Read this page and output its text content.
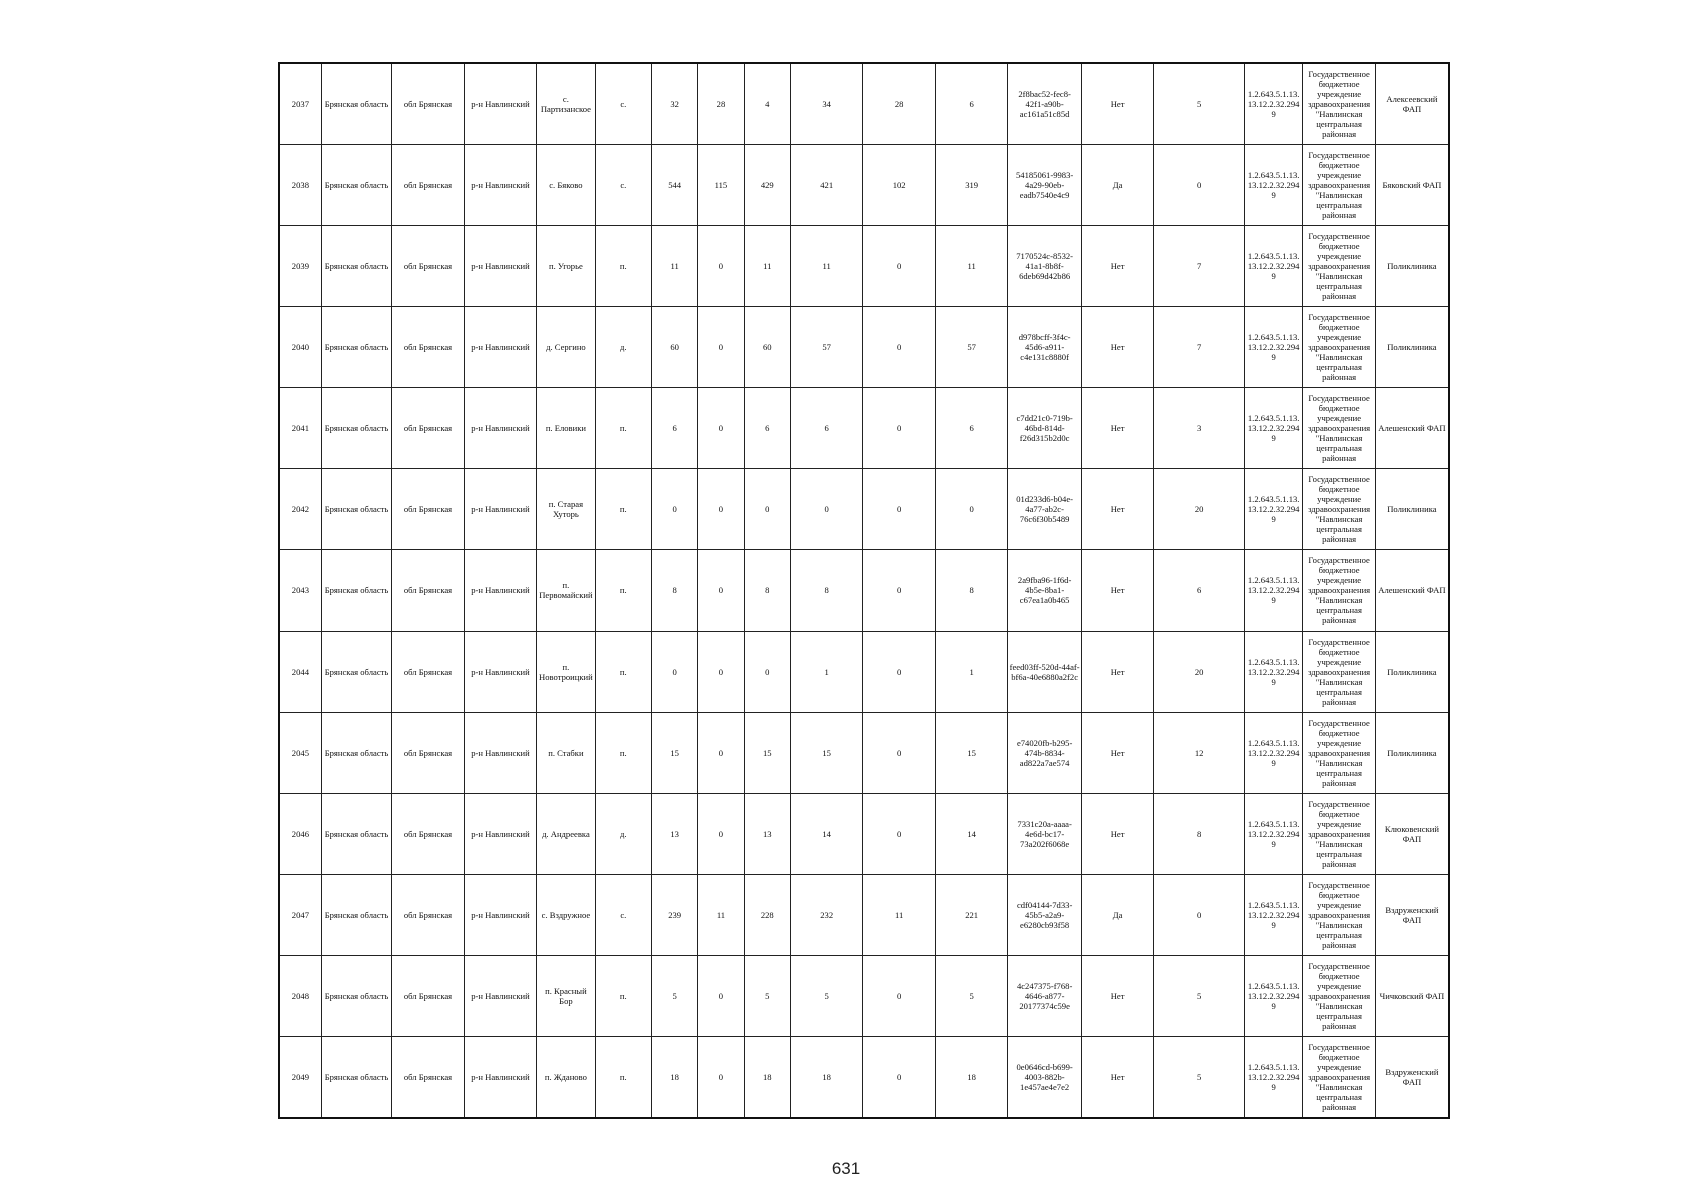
2037	Брянская область	обл Брянская	р-н Навлинский	с. Партизанское	с.	32	28	4	34	28	6	2f8bac52-fec8-42f1-a90b-ac161a51c85d	Нет	5	1.2.643.5.1.13.13.12.2.32.2949	Государственное бюджетное учреждение здравоохранения "Навлинская центральная районная	Алексеевский ФАП
2038	Брянская область	обл Брянская	р-н Навлинский	с. Бяково	с.	544	115	429	421	102	319	54185061-9983-4a29-90eb-eadb7540e4c9	Да	0	1.2.643.5.1.13.13.12.2.32.2949	Государственное бюджетное учреждение здравоохранения "Навлинская центральная районная	Бяковский ФАП
2039	Брянская область	обл Брянская	р-н Навлинский	п. Угорье	п.	11	0	11	11	0	11	7170524c-8532-41a1-8b8f-6deb69d42b86	Нет	7	1.2.643.5.1.13.13.12.2.32.2949	Государственное бюджетное учреждение здравоохранения "Навлинская центральная районная	Поликлиника
2040	Брянская область	обл Брянская	р-н Навлинский	д. Сергино	д.	60	0	60	57	0	57	d978bcff-3f4c-45d6-a911-c4e131c8880f	Нет	7	1.2.643.5.1.13.13.12.2.32.2949	Государственное бюджетное учреждение здравоохранения "Навлинская центральная районная	Поликлиника
2041	Брянская область	обл Брянская	р-н Навлинский	п. Еловики	п.	6	0	6	6	0	6	c7dd21c0-719b-46bd-814d-f26d315b2d0c	Нет	3	1.2.643.5.1.13.13.12.2.32.2949	Государственное бюджетное учреждение здравоохранения "Навлинская центральная районная	Алешенский ФАП
2042	Брянская область	обл Брянская	р-н Навлинский	п. Старая Хуторь	п.	0	0	0	0	0	0	01d233d6-b04e-4a77-ab2c-76c6f30b5489	Нет	20	1.2.643.5.1.13.13.12.2.32.2949	Государственное бюджетное учреждение здравоохранения "Навлинская центральная районная	Поликлиника
2043	Брянская область	обл Брянская	р-н Навлинский	п. Первомайский	п.	8	0	8	8	0	8	2a9fba96-1f6d-4b5e-8ba1-c67ea1a0b465	Нет	6	1.2.643.5.1.13.13.12.2.32.2949	Государственное бюджетное учреждение здравоохранения "Навлинская центральная районная	Алешенский ФАП
2044	Брянская область	обл Брянская	р-н Навлинский	п. Новотроицкий	п.	0	0	0	1	0	1	feed03ff-520d-44af-bf6a-40e6880a2f2c	Нет	20	1.2.643.5.1.13.13.12.2.32.2949	Государственное бюджетное учреждение здравоохранения "Навлинская центральная районная	Поликлиника
2045	Брянская область	обл Брянская	р-н Навлинский	п. Стабки	п.	15	0	15	15	0	15	e74020fb-b295-474b-8834-ad822a7ae574	Нет	12	1.2.643.5.1.13.13.12.2.32.2949	Государственное бюджетное учреждение здравоохранения "Навлинская центральная районная	Поликлиника
2046	Брянская область	обл Брянская	р-н Навлинский	д. Андреевка	д.	13	0	13	14	0	14	7331c20a-aaaa-4e6d-bc17-73a202f6068e	Нет	8	1.2.643.5.1.13.13.12.2.32.2949	Государственное бюджетное учреждение здравоохранения "Навлинская центральная районная	Клюковенский ФАП
2047	Брянская область	обл Брянская	р-н Навлинский	с. Вздружное	с.	239	11	228	232	11	221	cdf04144-7d33-45b5-a2a9-e6280cb93f58	Да	0	1.2.643.5.1.13.13.12.2.32.2949	Государственное бюджетное учреждение здравоохранения "Навлинская центральная районная	Вздруженский ФАП
2048	Брянская область	обл Брянская	р-н Навлинский	п. Красный Бор	п.	5	0	5	5	0	5	4c247375-f768-4646-a877-20177374c59e	Нет	5	1.2.643.5.1.13.13.12.2.32.2949	Государственное бюджетное учреждение здравоохранения "Навлинская центральная районная	Чичковский ФАП
2049	Брянская область	обл Брянская	р-н Навлинский	п. Жданово	п.	18	0	18	18	0	18	0e0646cd-b699-4003-882b-1e457ae4e7e2	Нет	5	1.2.643.5.1.13.13.12.2.32.2949	Государственное бюджетное учреждение здравоохранения "Навлинская центральная районная	Вздруженский ФАП
631
